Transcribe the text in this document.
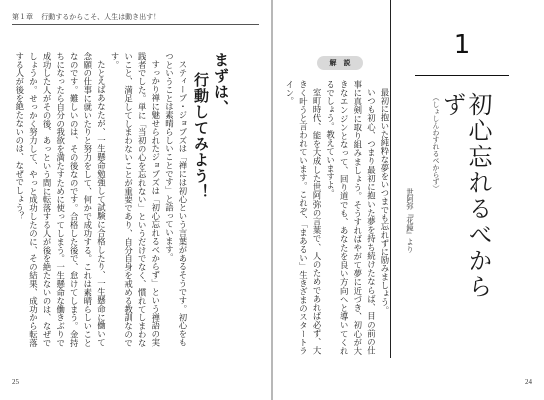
第１章 行動するからこそ、人生は動き出す！
まずは、
行動してみよう！

スティーブ・ジョブズは「禅には初心という言葉があるそうです。初心をもつということは素晴らしいことです」と語っています。

すっかり禅に魅せられたジョブズは「初心忘れるべからず」という禅語の実践者でした。単に「当初の心を忘れない」というだけでなく、慣れてしまわないこと、満足してしまわないことが重要であり、自分自身を戒める教訓なのです。

たとえばあなたが、一生懸命勉強して試験に合格したり、一生懸命に働いて念願の仕事に就いたりと努力をして、何かで成功する。これは素晴らしいことなのです。難しいのは、その後なのです。合格した後で、怠けてしまう。金持ちになったら自分の我欲を満たすために使ってしまう。一生懸命な働きぶりで成功した人がその後、あっという間に転落する人が後を絶たないのは、なぜでしょうか。せっかく努力して、やっと成功したのに、その結果、成功から転落する人が後を絶たないのは、なぜでしょう？

25
1
初心忘れるべからず
（しょしんわすれるべからず）
世阿弥『花鏡』より
解　説

最初に抱いた純粋な夢をいつまでも忘れずに励みましょう。

いつも初心、つまり最初に抱いた夢を持ち続けたならば、目の前の仕事に真剣に取り組みましょう。そうすればやがて夢に近づき、初心が大きなエンジンとなって、回り道でも、あなたを良い方向へと導いてくれるでしょう。教えていますよ。

室町時代、能を大成した世阿弥の言葉で、人のためであれば必ず、大きく叶うと言われています。これぞ、「まあるい」生きざまのスタートライン。

24
